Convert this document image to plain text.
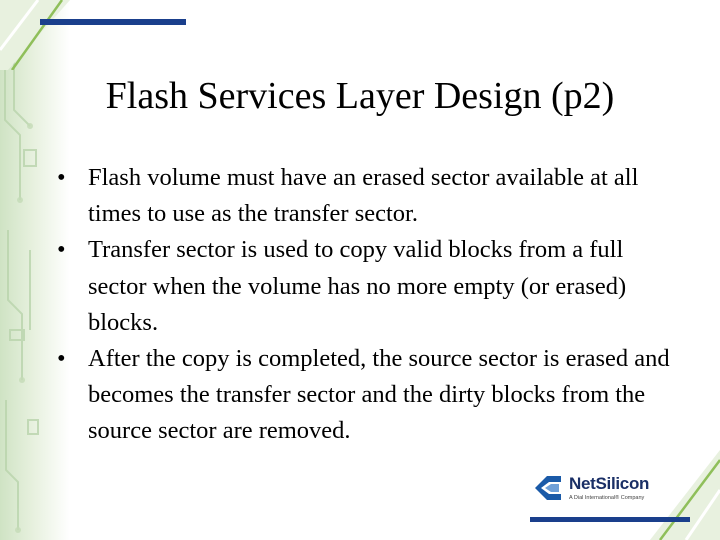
Flash Services Layer Design (p2)
• Flash volume must have an erased sector available at all times to use as the transfer sector.
• Transfer sector is used to copy valid blocks from a full sector when the volume has no more empty (or erased) blocks.
• After the copy is completed, the source sector is erased and becomes the transfer sector and the dirty blocks from the source sector are removed.
NetSilicon
A Dial International® Company
